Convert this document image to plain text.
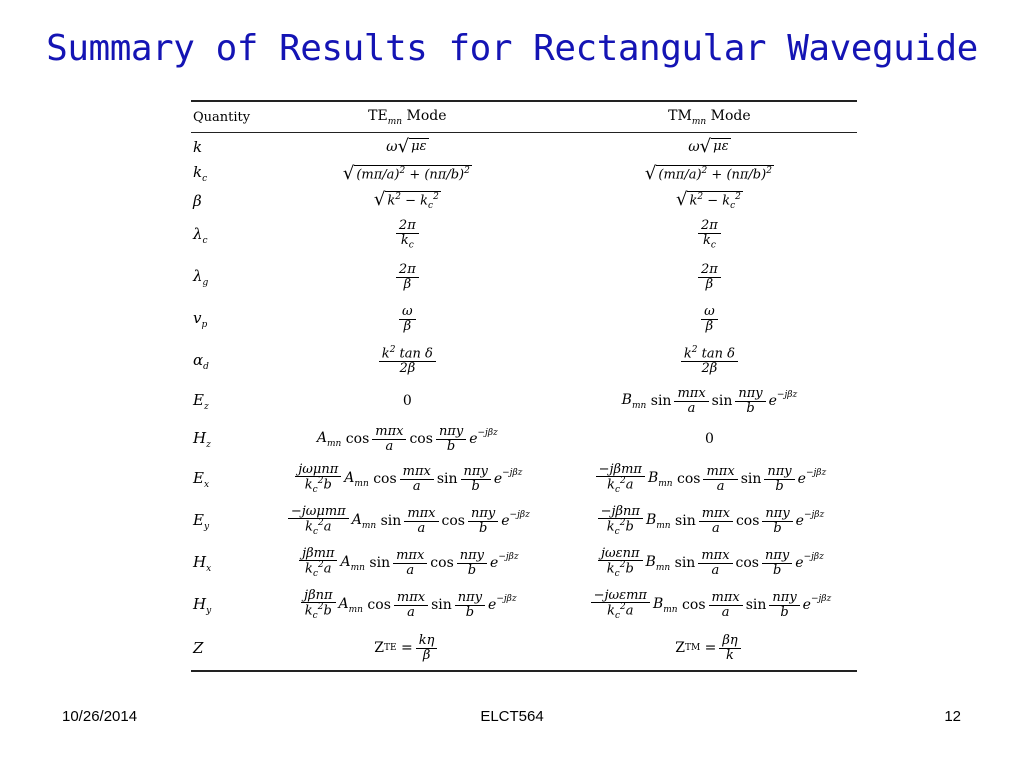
Summary of Results for Rectangular Waveguide
Quantity	$TE_{mn}$ Mode	$TM_{mn}$ Mode
k	ω √ με	ω √ με
$k_c$	√ $(m\pi/a)^2 + (n\pi/b)^2$	√ $(m\pi/a)^2 + (n\pi/b)^2$
β	√ $k^2 - k_c^2$	√ $k^2 - k_c^2$
$\lambda_c$	$\frac{2\pi}{k_c}$	$\frac{2\pi}{k_c}$
$\lambda_g$	$\frac{2\pi}{\beta}$	$\frac{2\pi}{\beta}$
$v_p$	$\frac{\omega}{\beta}$	$\frac{\omega}{\beta}$
$\alpha_d$	$\frac{k^2 \tan \delta}{2\beta}$	$\frac{k^2 \tan \delta}{2\beta}$
$E_z$	0	$B_{mn}$ $\sin \frac{\text{mπx}}{a}$ $\sin \frac{\text{nπy}}{b}$ e −jβz
$H_z$	$A_{mn}$ $\cos \frac{\text{mπx}}{a}$ $\cos \frac{\text{nπy}}{b}$ e −jβz	0
$E_x$	$\frac{\text{jωμnπ}}{k_c^2b} A_{mn}$ $\cos \frac{\text{mπx}}{a}$ $\sin \frac{\text{nπy}}{b}$ e −jβz	$\frac{\text{−jβmπ}}{k_c^2a} B_{mn}$ $\cos \frac{\text{mπx}}{a}$ $\sin \frac{\text{nπy}}{b}$ e −jβz
$E_y$	$\frac{\text{−jωμmπ}}{k_c^2a} A_{mn}$ $\sin \frac{\text{mπx}}{a}$ $\cos \frac{\text{nπy}}{b}$ e −jβz	$\frac{\text{−jβnπ}}{k_c^2b} B_{mn}$ $\sin \frac{\text{mπx}}{a}$ $\cos \frac{\text{nπy}}{b}$ e −jβz
$H_x$	$\frac{\text{jβmπ}}{k_c^2a} A_{mn}$ $\sin \frac{\text{mπx}}{a}$ $\cos \frac{\text{nπy}}{b}$ e −jβz	$\frac{\text{jωεnπ}}{k_c^2b} B_{mn}$ $\sin \frac{\text{mπx}}{a}$ $\cos \frac{\text{nπy}}{b}$ e −jβz
$H_y$	$\frac{\text{jβnπ}}{k_c^2b} A_{mn}$ $\cos \frac{\text{mπx}}{a}$ $\sin \frac{\text{nπy}}{b}$ e −jβz	$\frac{\text{−jωεmπ}}{k_c^2a} B_{mn}$ $\cos \frac{\text{mπx}}{a}$ $\sin \frac{\text{nπy}}{b}$ e −jβz
Z	Z TE = $\frac{k\eta}{\beta}$	Z TM = $\frac{\beta\eta}{k}$
10/26/2014	ELCT564	12
